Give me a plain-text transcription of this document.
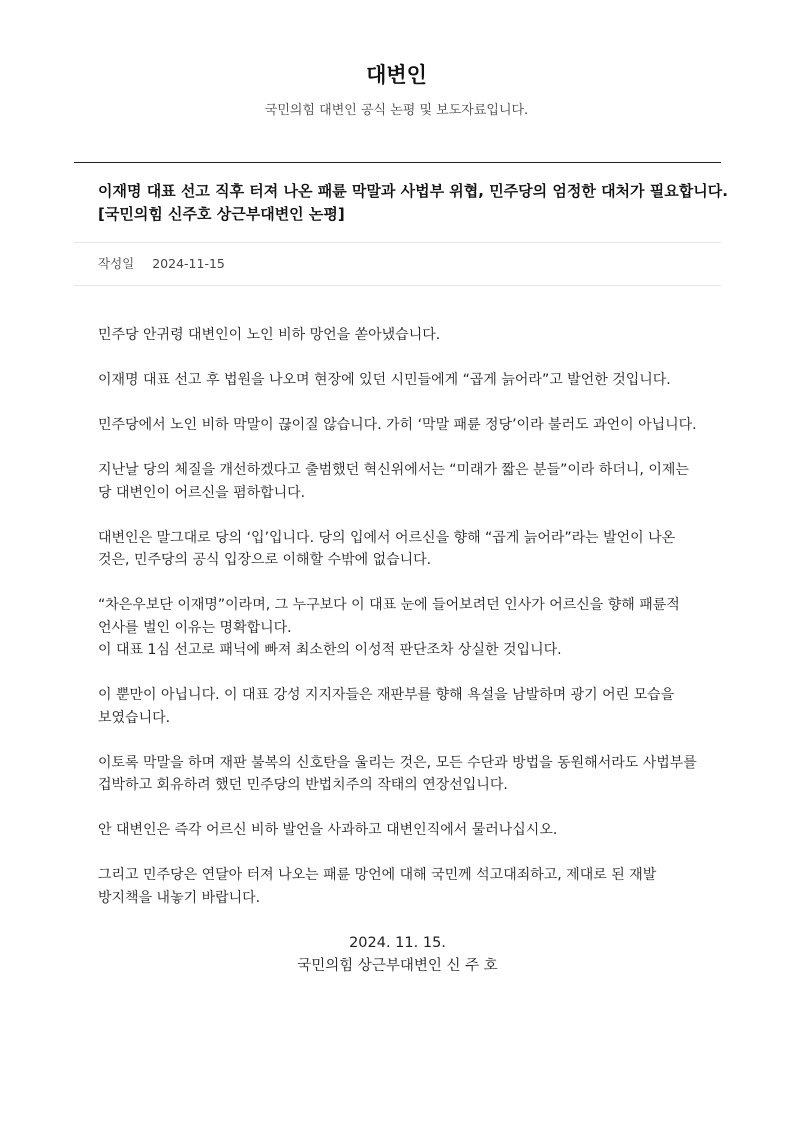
대변인
국민의힘 대변인 공식 논평 및 보도자료입니다.
이재명 대표 선고 직후 터져 나온 패륜 막말과 사법부 위협, 민주당의 엄정한 대처가 필요합니다.
[국민의힘 신주호 상근부대변인 논평]
작성일 2024-11-15

민주당 안귀령 대변인이 노인 비하 망언을 쏟아냈습니다.

이재명 대표 선고 후 법원을 나오며 현장에 있던 시민들에게 “곱게 늙어라”고 발언한 것입니다.

민주당에서 노인 비하 막말이 끊이질 않습니다. 가히 ‘막말 패륜 정당’이라 불러도 과언이 아닙니다.

지난날 당의 체질을 개선하겠다고 출범했던 혁신위에서는 “미래가 짧은 분들”이라 하더니, 이제는 당 대변인이 어르신을 폄하합니다.

대변인은 말그대로 당의 ‘입’입니다. 당의 입에서 어르신을 향해 “곱게 늙어라”라는 발언이 나온 것은, 민주당의 공식 입장으로 이해할 수밖에 없습니다.

“차은우보단 이재명”이라며, 그 누구보다 이 대표 눈에 들어보려던 인사가 어르신을 향해 패륜적 언사를 벌인 이유는 명확합니다.
이 대표 1심 선고로 패닉에 빠져 최소한의 이성적 판단조차 상실한 것입니다.

이 뿐만이 아닙니다. 이 대표 강성 지지자들은 재판부를 향해 욕설을 남발하며 광기 어린 모습을 보였습니다.

이토록 막말을 하며 재판 불복의 신호탄을 울리는 것은, 모든 수단과 방법을 동원해서라도 사법부를 겁박하고 회유하려 했던 민주당의 반법치주의 작태의 연장선입니다.

안 대변인은 즉각 어르신 비하 발언을 사과하고 대변인직에서 물러나십시오.

그리고 민주당은 연달아 터져 나오는 패륜 망언에 대해 국민께 석고대죄하고, 제대로 된 재발 방지책을 내놓기 바랍니다.

2024. 11. 15.
국민의힘 상근부대변인 신 주 호
